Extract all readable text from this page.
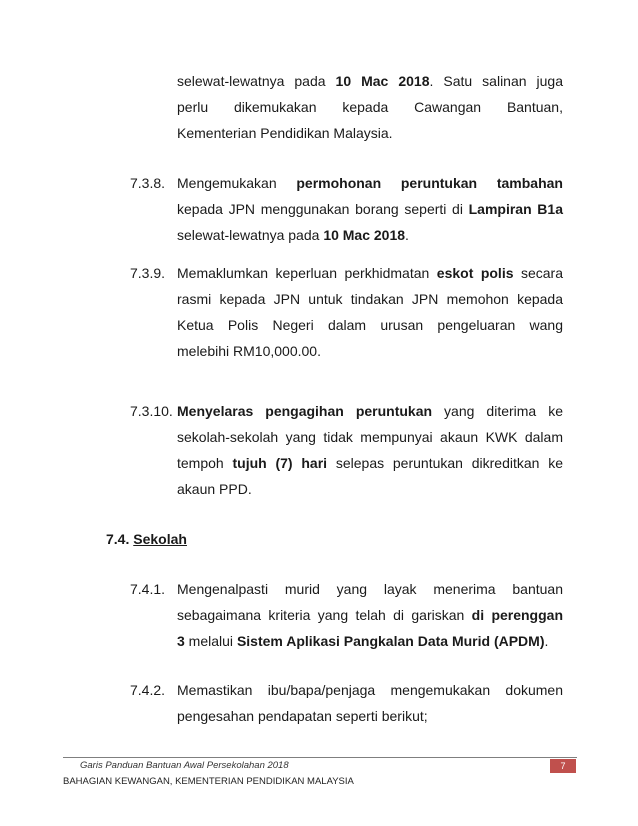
selewat-lewatnya pada 10 Mac 2018. Satu salinan juga
perlu dikemukakan kepada Cawangan Bantuan,
Kementerian Pendidikan Malaysia.
7.3.8. Mengemukakan permohonan peruntukan tambahan
kepada JPN menggunakan borang seperti di Lampiran B1a
selewat-lewatnya pada 10 Mac 2018.
7.3.9. Memaklumkan keperluan perkhidmatan eskot polis secara
rasmi kepada JPN untuk tindakan JPN memohon kepada
Ketua Polis Negeri dalam urusan pengeluaran wang
melebihi RM10,000.00.
7.3.10. Menyelaras pengagihan peruntukan yang diterima ke
sekolah-sekolah yang tidak mempunyai akaun KWK dalam
tempoh tujuh (7) hari selepas peruntukan dikreditkan ke
akaun PPD.
7.4. Sekolah
7.4.1. Mengenalpasti murid yang layak menerima bantuan
sebagaimana kriteria yang telah di gariskan di perenggan
3 melalui Sistem Aplikasi Pangkalan Data Murid (APDM).
7.4.2. Memastikan ibu/bapa/penjaga mengemukakan dokumen
pengesahan pendapatan seperti berikut;
Garis Panduan Bantuan Awal Persekolahan 2018	7
BAHAGIAN KEWANGAN, KEMENTERIAN PENDIDIKAN MALAYSIA
